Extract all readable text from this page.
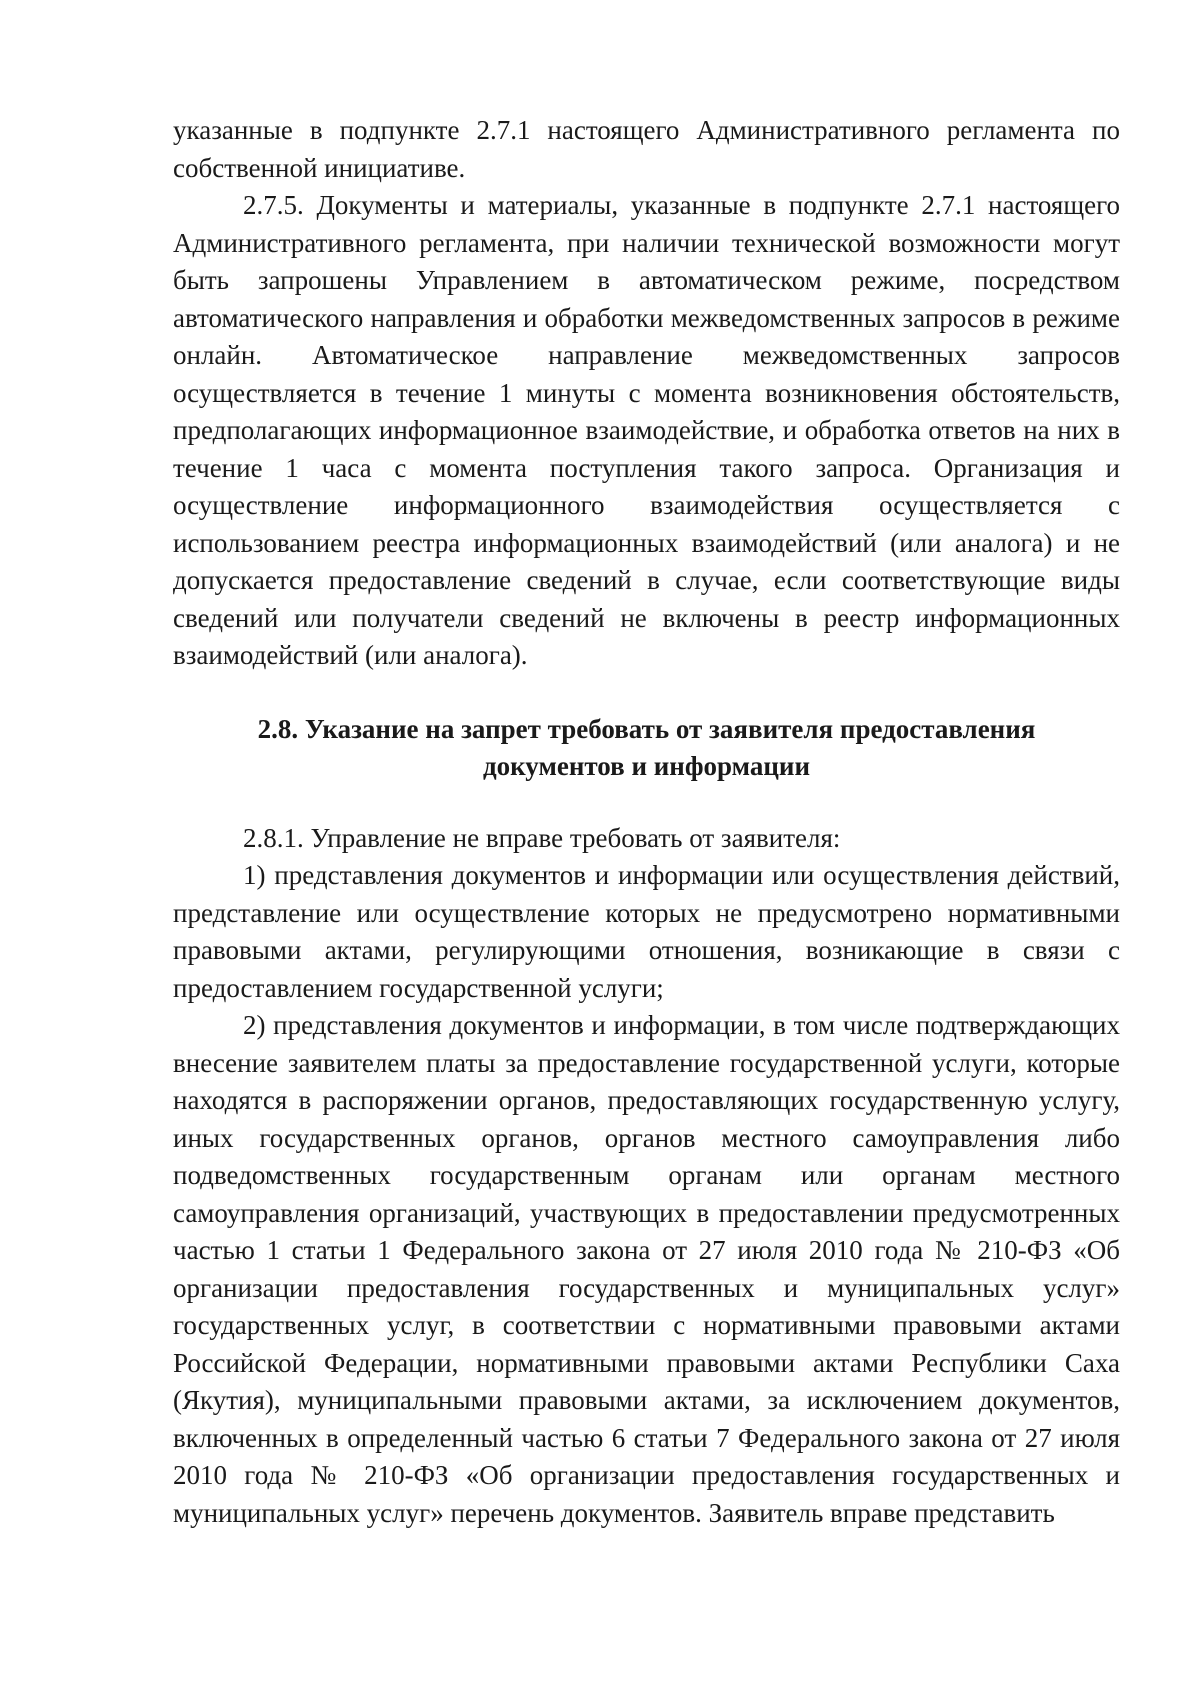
указанные в подпункте 2.7.1 настоящего Административного регламента по собственной инициативе.

2.7.5. Документы и материалы, указанные в подпункте 2.7.1 настоящего Административного регламента, при наличии технической возможности могут быть запрошены Управлением в автоматическом режиме, посредством автоматического направления и обработки межведомственных запросов в режиме онлайн. Автоматическое направление межведомственных запросов осуществляется в течение 1 минуты с момента возникновения обстоятельств, предполагающих информационное взаимодействие, и обработка ответов на них в течение 1 часа с момента поступления такого запроса. Организация и осуществление информационного взаимодействия осуществляется с использованием реестра информационных взаимодействий (или аналога) и не допускается предоставление сведений в случае, если соответствующие виды сведений или получатели сведений не включены в реестр информационных взаимодействий (или аналога).

2.8. Указание на запрет требовать от заявителя предоставления
документов и информации

2.8.1. Управление не вправе требовать от заявителя:

1) представления документов и информации или осуществления действий, представление или осуществление которых не предусмотрено нормативными правовыми актами, регулирующими отношения, возникающие в связи с предоставлением государственной услуги;

2) представления документов и информации, в том числе подтверждающих внесение заявителем платы за предоставление государственной услуги, которые находятся в распоряжении органов, предоставляющих государственную услугу, иных государственных органов, органов местного самоуправления либо подведомственных государственным органам или органам местного самоуправления организаций, участвующих в предоставлении предусмотренных частью 1 статьи 1 Федерального закона от 27 июля 2010 года № 210-ФЗ «Об организации предоставления государственных и муниципальных услуг» государственных услуг, в соответствии с нормативными правовыми актами Российской Федерации, нормативными правовыми актами Республики Саха (Якутия), муниципальными правовыми актами, за исключением документов, включенных в определенный частью 6 статьи 7 Федерального закона от 27 июля 2010 года № 210-ФЗ «Об организации предоставления государственных и муниципальных услуг» перечень документов. Заявитель вправе представить
